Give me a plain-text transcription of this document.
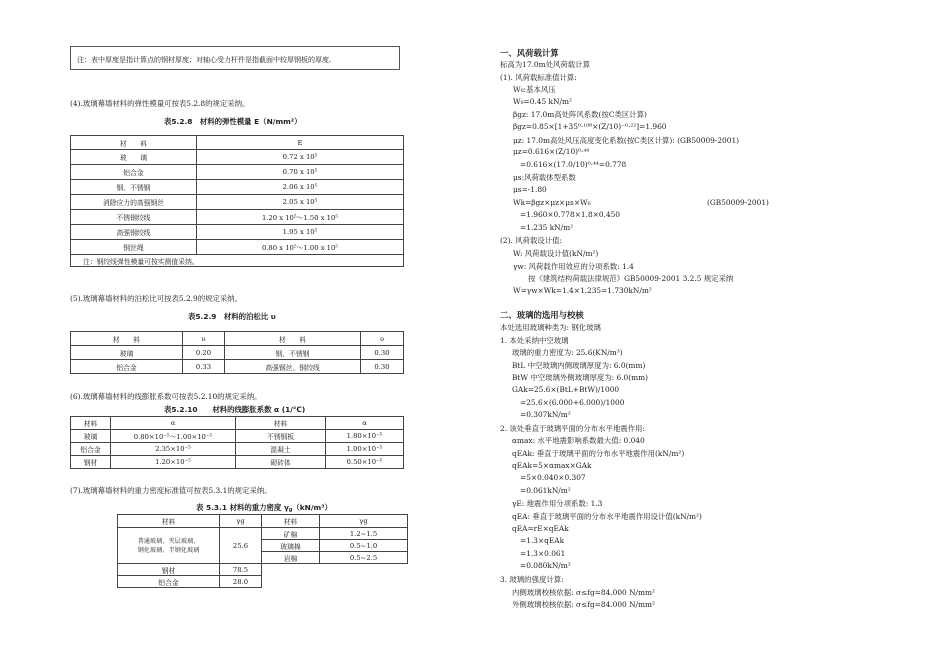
注：表中厚度是指计算点的钢材厚度；对轴心受力杆件是指截面中较厚钢板的厚度.
(4).玻璃幕墙材料的弹性模量可按表5.2.8的规定采纳。
表5.2.8　材料的弹性模量 E（N/mm²）
材　　料	E
玻　　璃	0.72 x 10⁵
铝合金	0.70 x 10⁵
钢、不锈钢	2.06 x 10⁵
消除应力的高强钢丝	2.05 x 10⁵
不锈钢绞线	1.20 x 10⁵～1.50 x 10⁵
高强钢绞线	1.95 x 10⁵
钢丝绳	0.80 x 10⁵～1.00 x 10⁵
注：钢绞线弹性模量可按实测值采纳。	
(5).玻璃幕墙材料的泊松比可按表5.2.9的规定采纳。
表5.2.9　材料的泊松比 υ
材　　料	υ	材　　料	υ
玻璃	0.20	钢、不锈钢	0.30
铝合金	0.33	高强钢丝、钢绞线	0.30
(6).玻璃幕墙材料的线膨胀系数可按表5.2.10的规定采纳。
表5.2.10　　材料的线膨胀系数 α (1/℃)
材料	α	材料	α
玻璃	0.80×10⁻⁵～1.00×10⁻⁵	不锈钢板	1.80×10⁻⁵
铝合金	2.35×10⁻⁵	混凝土	1.00×10⁻⁵
钢材	1.20×10⁻⁵	砌砖体	0.50×10⁻⁵
(7).玻璃幕墙材料的重力密度标准值可按表5.3.1的规定采纳。
表 5.3.1 材料的重力密度 $\gamma_g(kN/m^3)$
材料	γg	材料	γg

普通玻璃、夹层玻璃、
钢化玻璃、半钢化玻璃	25.6	矿棉	1.2~1.5
		玻璃棉	0.5~1.0
		岩棉	0.5~2.5
钢材	78.5		
铝合金	28.0		
一、风荷载计算
标高为17.0m处风荷载计算
(1). 风荷载标准值计算:
W₀:基本风压
W₀=0.45 kN/m²
βgz: 17.0m高处阵风系数(按C类区计算)
βgz=0.85×[1+35⁰·¹⁰⁸×(Z/10)⁻⁰·²²]=1.960
μz: 17.0m高处风压高度变化系数(按C类区计算): (GB50009-2001)
μz=0.616×(Z/10)⁰·⁴⁴
=0.616×(17.0/10)⁰·⁴⁴=0.778
μs:风荷载体型系数
μs=-1.80
Wk=βgz×μz×μs×W₀
=1.960×0.778×1.8×0.450
=1.235 kN/m²
(2). 风荷载设计值:
W: 风荷载设计值(kN/m²)
γw: 风荷载作用效应的分项系数: 1.4
按《建筑结构荷载法律规范》GB50009-2001 3.2.5 规定采纳
W=γw×Wk=1.4×1.235=1.730kN/m²
(GB50009-2001)
二、玻璃的选用与校核
本处选用玻璃种类为: 钢化玻璃
1. 本处采纳中空玻璃
玻璃的重力密度为: 25.6(KN/m³)
BtL 中空玻璃内侧玻璃厚度为: 6.0(mm)
BtW 中空玻璃外侧玻璃厚度为: 6.0(mm)
GAk=25.6×(BtL+BtW)/1000
=25.6×(6.000+6.000)/1000
=0.307kN/m²
2. 该处垂直于玻璃平面的分布水平地震作用:
αmax: 水平地震影响系数最大值: 0.040
qEAk: 垂直于玻璃平面的分布水平地震作用(kN/m²)
qEAk=5×αmax×GAk
=5×0.040×0.307
=0.061kN/m²
γE: 地震作用分项系数: 1.3
qEA: 垂直于玻璃平面的分布水平地震作用设计值(kN/m²)
qEA=rE×qEAk
=1.3×qEAk
=1.3×0.061
=0.080kN/m²
3. 玻璃的强度计算:
内侧玻璃校核依据: σ≤fg=84.000 N/mm²
外侧玻璃校核依据: σ≤fg=84.000 N/mm²
